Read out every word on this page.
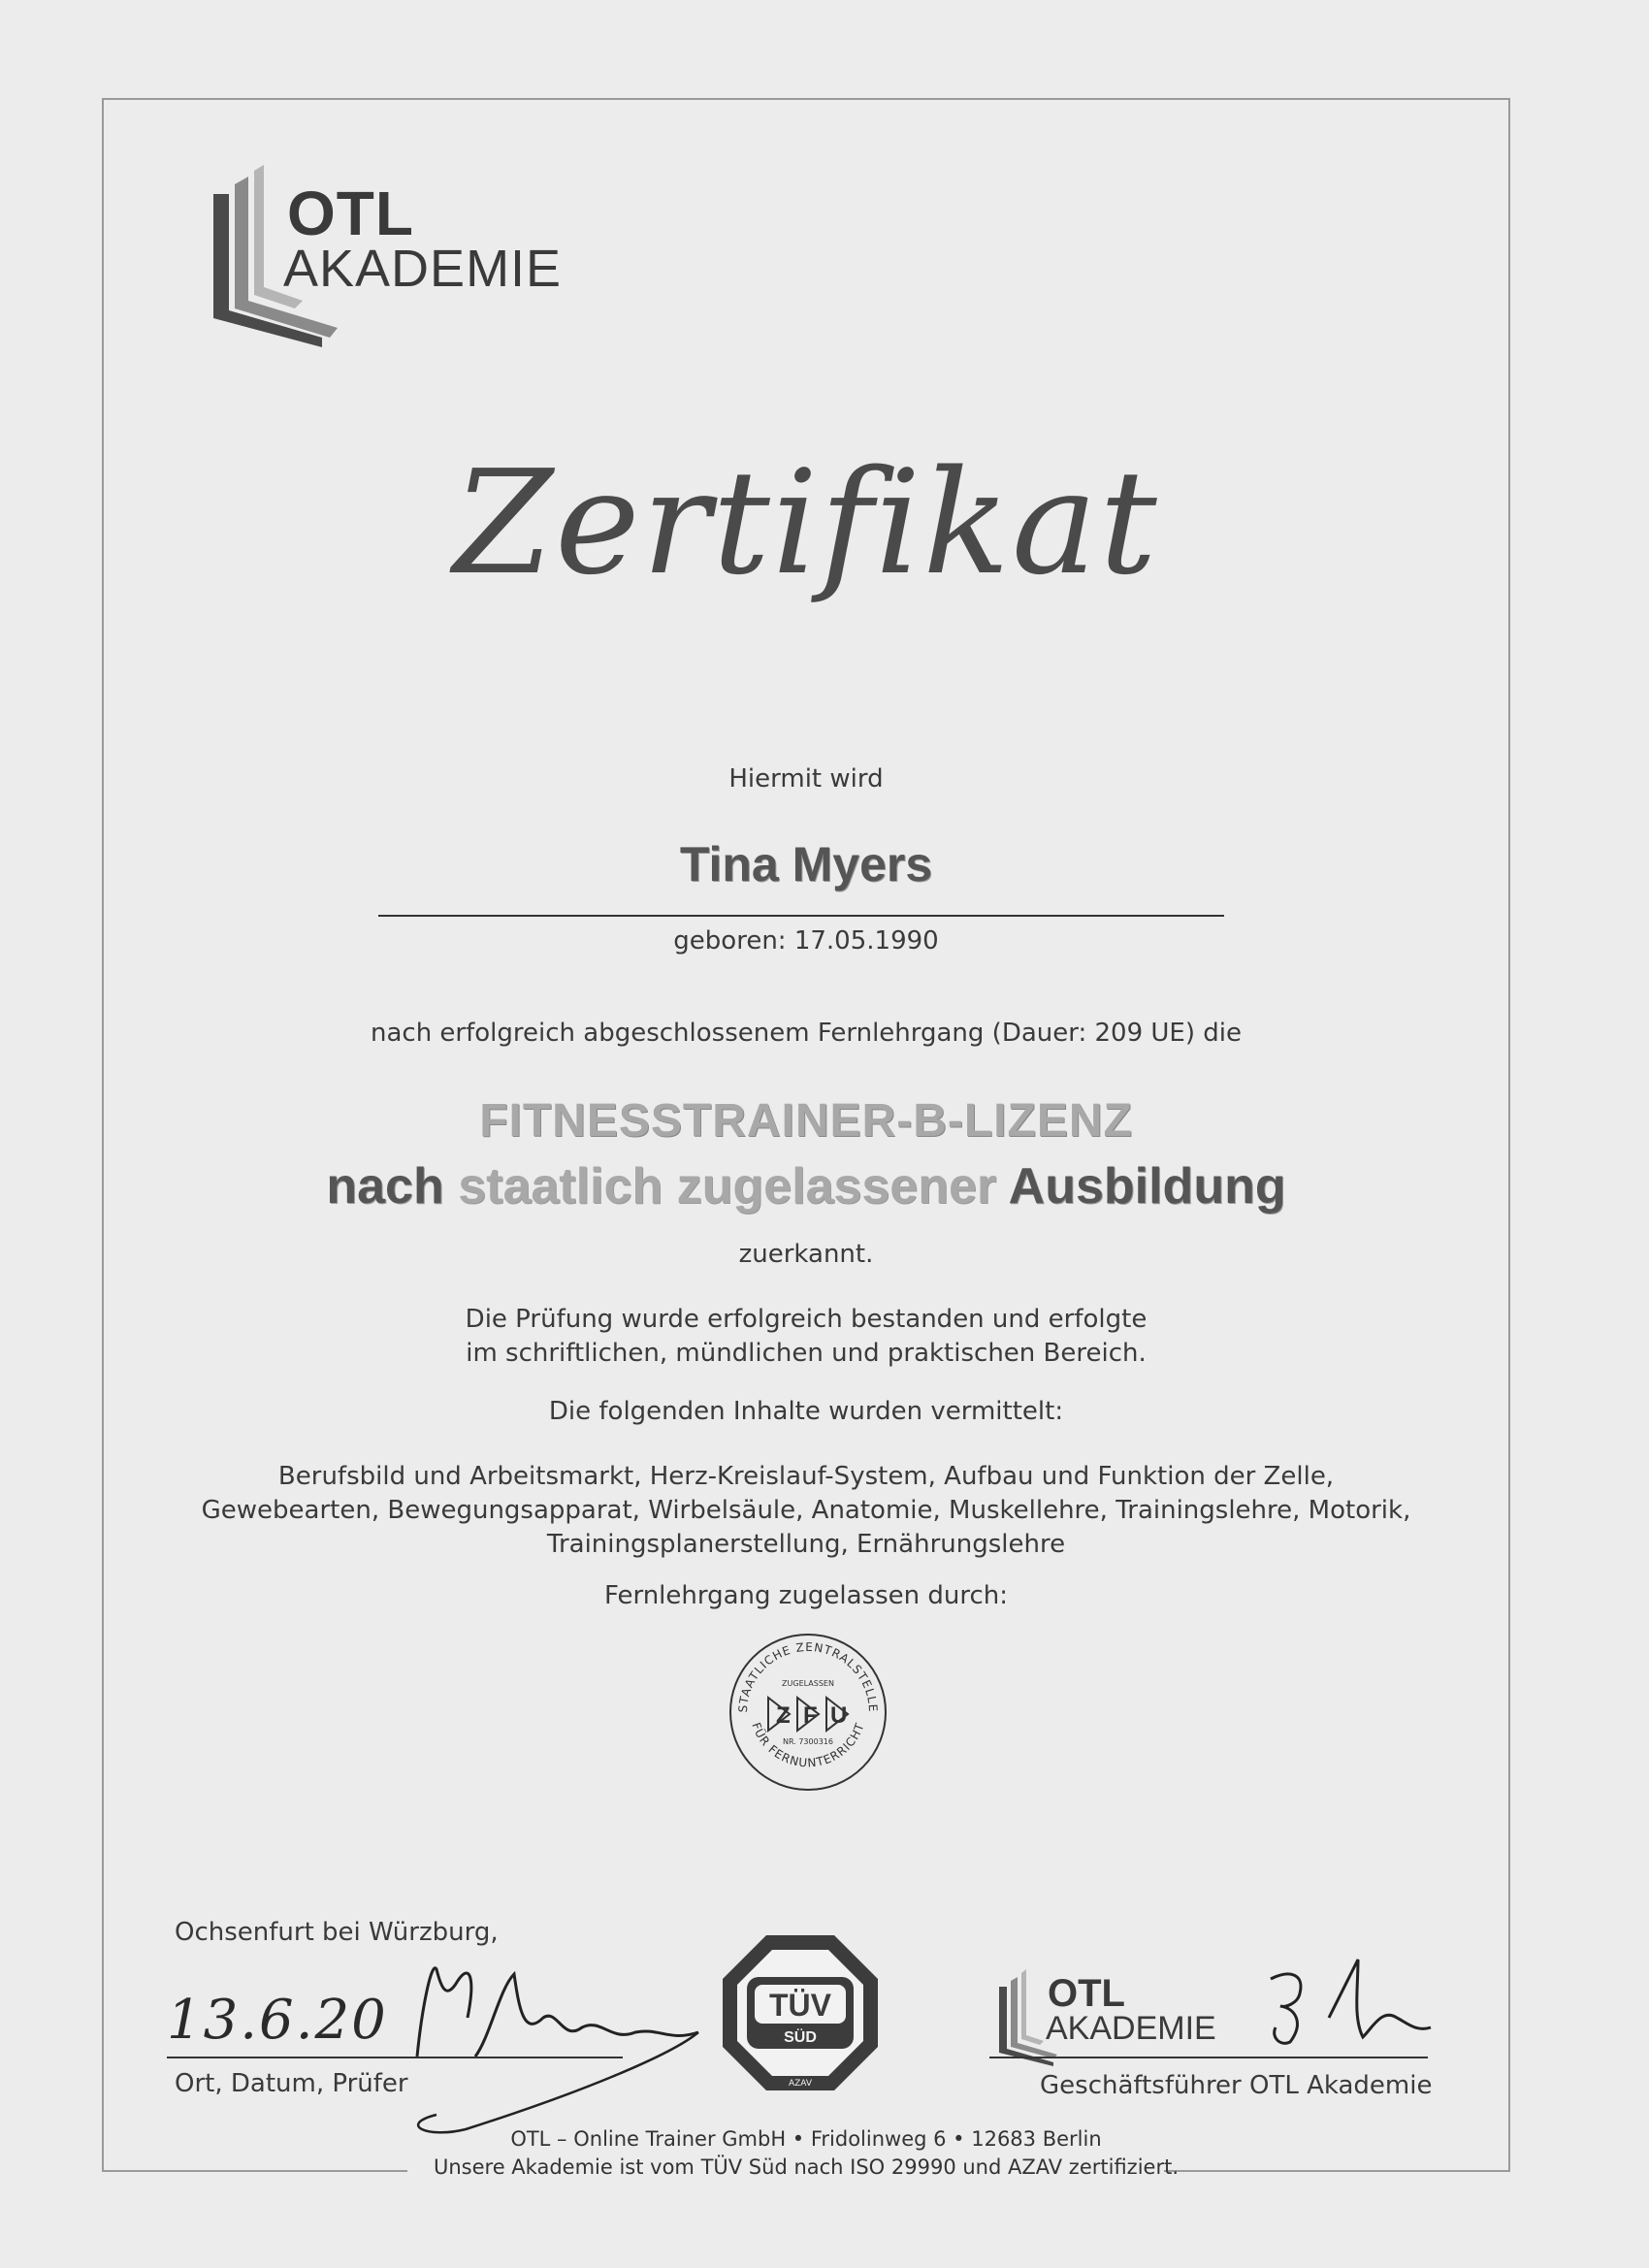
OTL
AKADEMIE
Zertifikat
Hiermit wird
Tina Myers
geboren: 17.05.1990
nach erfolgreich abgeschlossenem Fernlehrgang (Dauer: 209 UE) die
FITNESSTRAINER-B-LIZENZ
nach staatlich zugelassener Ausbildung
zuerkannt.
Die Prüfung wurde erfolgreich bestanden und erfolgte
im schriftlichen, mündlichen und praktischen Bereich.
Die folgenden Inhalte wurden vermittelt:
Berufsbild und Arbeitsmarkt, Herz-Kreislauf-System, Aufbau und Funktion der Zelle,
Gewebearten, Bewegungsapparat, Wirbelsäule, Anatomie, Muskellehre, Trainingslehre, Motorik,
Trainingsplanerstellung, Ernährungslehre
Fernlehrgang zugelassen durch:
STAATLICHE ZENTRALSTELLE
FÜR FERNUNTERRICHT
ZUGELASSEN
Z F U
NR. 7300316
Ochsenfurt bei Würzburg,
13.6.20
Ort, Datum, Prüfer
TÜV
SÜD
AZAV
OTL
AKADEMIE
Geschäftsführer OTL Akademie
OTL – Online Trainer GmbH • Fridolinweg 6 • 12683 Berlin
Unsere Akademie ist vom TÜV Süd nach ISO 29990 und AZAV zertifiziert.
